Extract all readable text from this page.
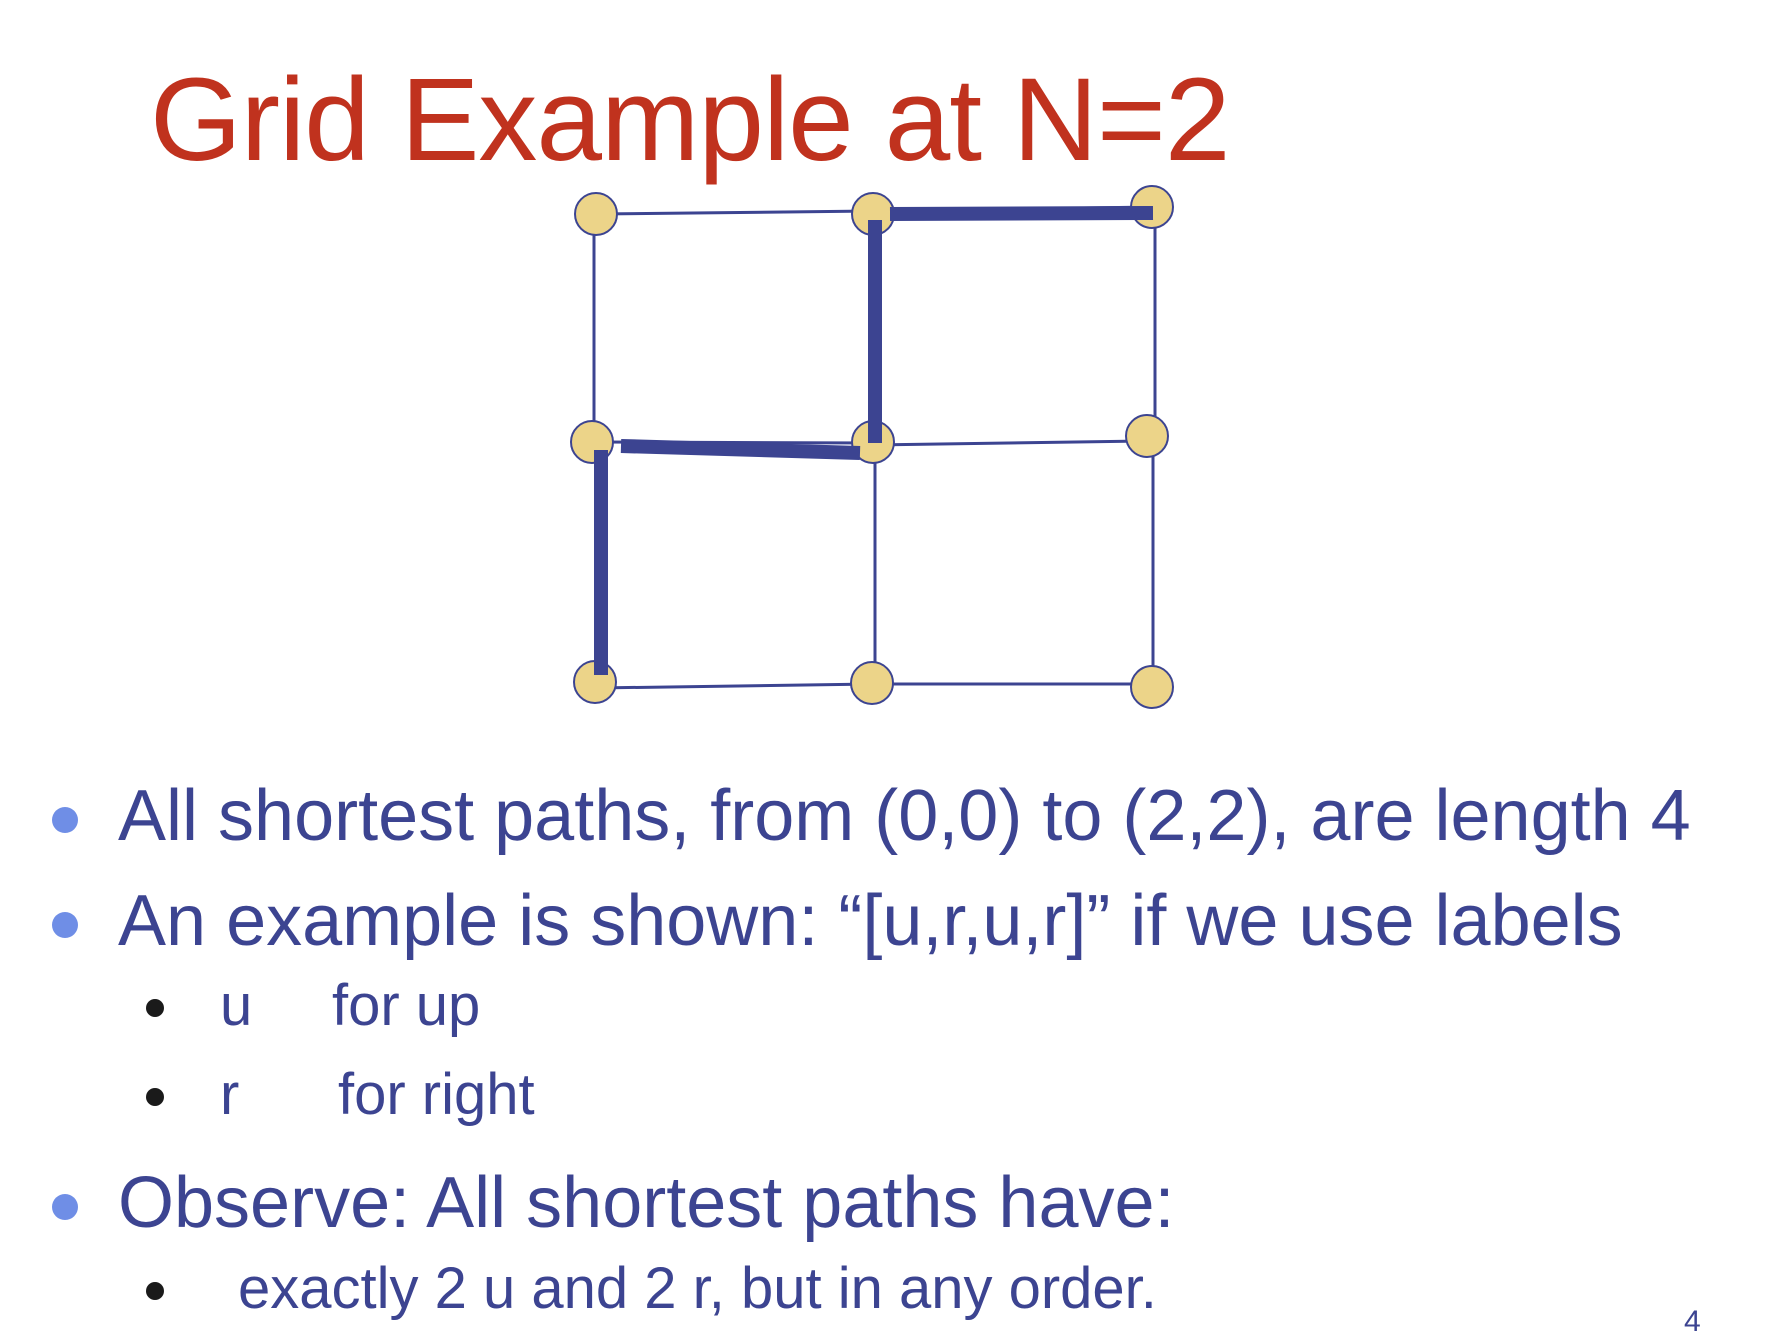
Grid Example at N=2
All shortest paths, from (0,0) to (2,2), are length 4
An example is shown: “[u,r,u,r]” if we use labels
u for up
r for right
Observe: All shortest paths have:
exactly 2 u and 2 r, but in any order.
4
